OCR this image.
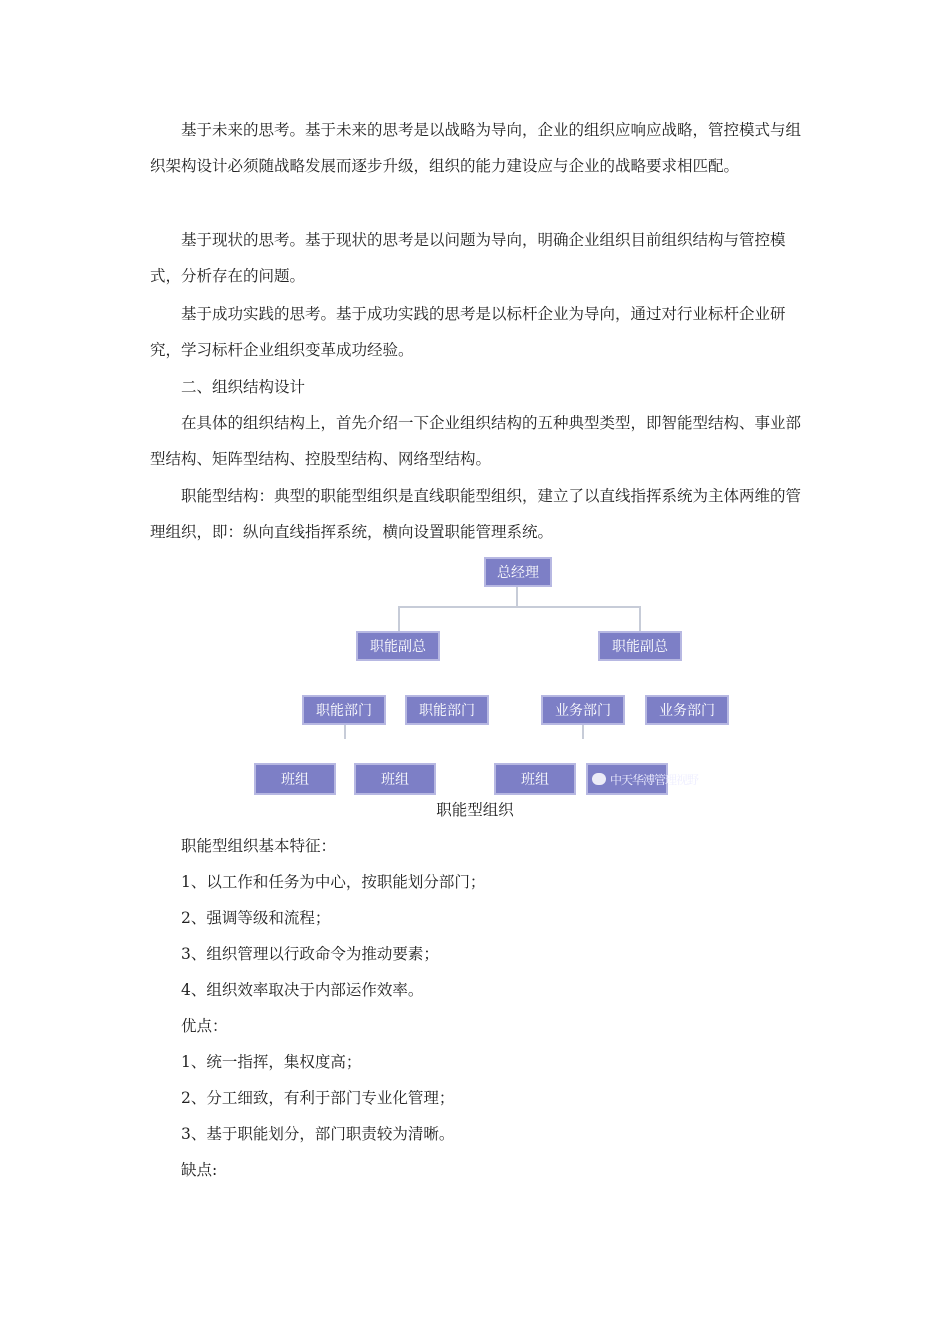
基于未来的思考。基于未来的思考是以战略为导向，企业的组织应响应战略，管控模式与组织架构设计必须随战略发展而逐步升级，组织的能力建设应与企业的战略要求相匹配。

基于现状的思考。基于现状的思考是以问题为导向，明确企业组织目前组织结构与管控模式，分析存在的问题。

基于成功实践的思考。基于成功实践的思考是以标杆企业为导向，通过对行业标杆企业研究，学习标杆企业组织变革成功经验。

二、组织结构设计

在具体的组织结构上，首先介绍一下企业组织结构的五种典型类型，即智能型结构、事业部型结构、矩阵型结构、控股型结构、网络型结构。

职能型结构：典型的职能型组织是直线职能型组织，建立了以直线指挥系统为主体两维的管理组织，即：纵向直线指挥系统，横向设置职能管理系统。

总经理
职能副总	职能副总
职能部门	职能部门	业务部门	业务部门
班组	班组	班组	中天华溥管理视野
职能型组织

职能型组织基本特征：

1、以工作和任务为中心，按职能划分部门；

2、强调等级和流程；

3、组织管理以行政命令为推动要素；

4、组织效率取决于内部运作效率。

优点：

1、统一指挥，集权度高；

2、分工细致，有利于部门专业化管理；

3、基于职能划分，部门职责较为清晰。

缺点:
